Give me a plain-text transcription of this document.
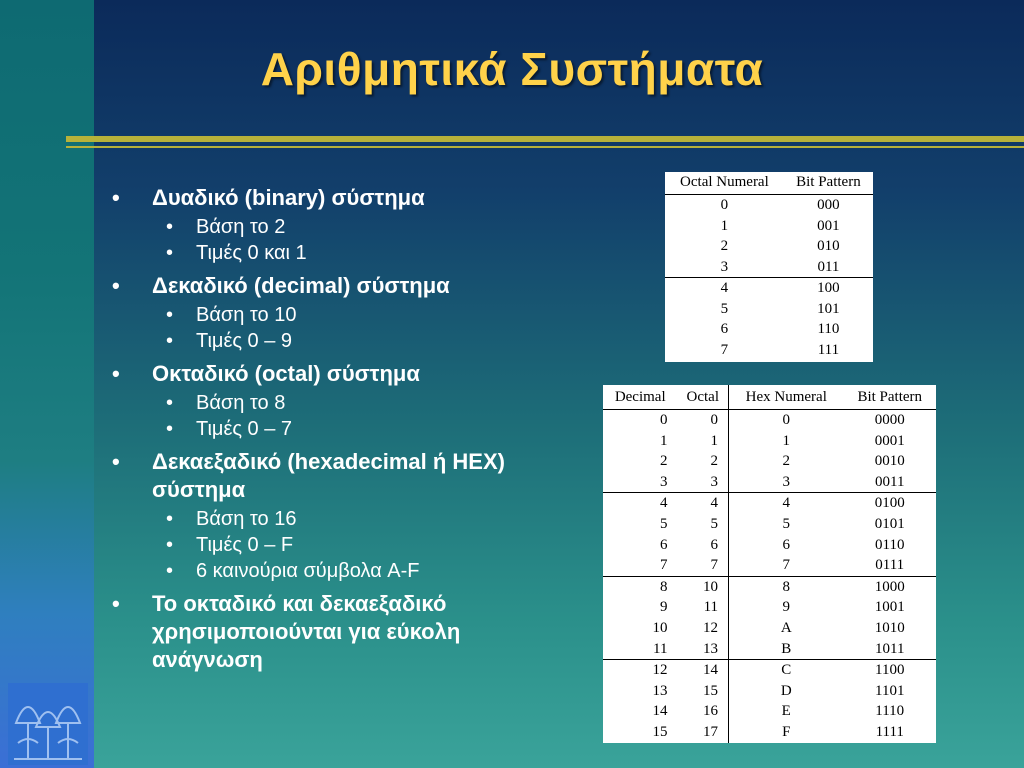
Αριθμητικά Συστήματα
• Δυαδικό (binary) σύστημα
• Βάση το 2
• Τιμές 0 και 1
• Δεκαδικό (decimal) σύστημα
• Βάση το 10
• Τιμές 0 – 9
• Οκταδικό (octal) σύστημα
• Βάση το 8
• Τιμές 0 – 7
• Δεκαεξαδικό (hexadecimal ή HEX) σύστημα
• Βάση το 16
• Τιμές 0 – F
• 6 καινούρια σύμβολα A-F
• Το οκταδικό και δεκαεξαδικό χρησιμοποιούνται για εύκολη ανάγνωση
Octal Numeral	Bit Pattern
0	000
1	001
2	010
3	011
4	100
5	101
6	110
7	111
Decimal	Octal	Hex Numeral	Bit Pattern
0	0	0	0000
1	1	1	0001
2	2	2	0010
3	3	3	0011
4	4	4	0100
5	5	5	0101
6	6	6	0110
7	7	7	0111
8	10	8	1000
9	11	9	1001
10	12	A	1010
11	13	B	1011
12	14	C	1100
13	15	D	1101
14	16	E	1110
15	17	F	1111
